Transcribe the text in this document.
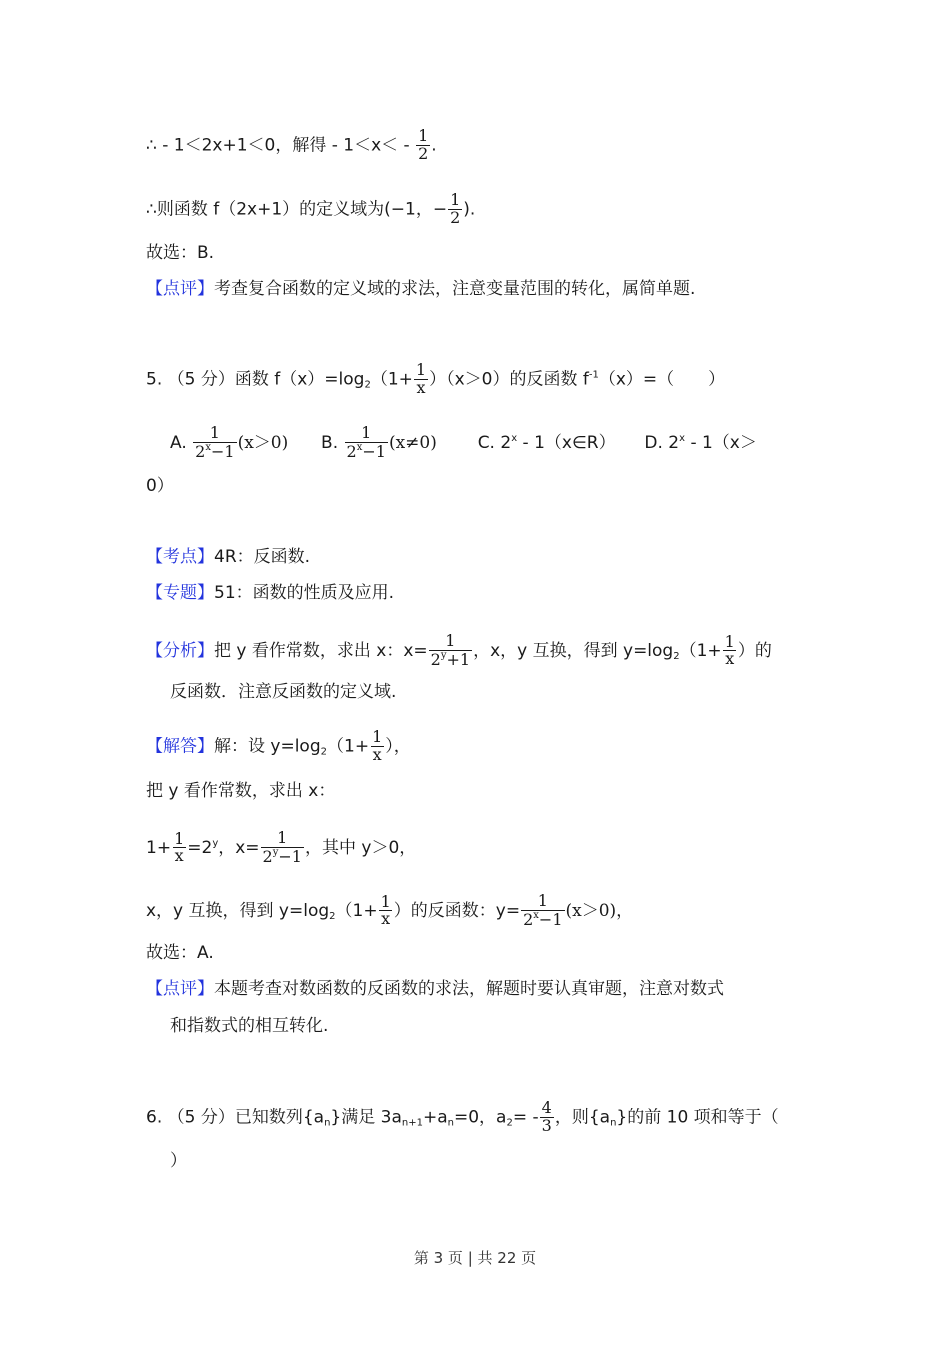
∴ - 1＜2x+1＜0，解得 - $1<x< - \frac{1}{2}$ .
∴则函数 f（2x+1）的定义域为(−1，− $\frac{1}{2}$ ).
故选：B.
【点评】考查复合函数的定义域的求法，注意变量范围的转化，属简单题.
5. （5 分）函数 $f(x)=\log_2(1+ \frac{1}{x} )(x>0)$的反函数 $f^{-1}(x)=$（　　）
A. $\frac{1}{2^x-1} (x>0)$ B. $\frac{1}{2^x-1} (x\ne 0)$ C. 2$^x$ - 1（x∈R） D. 2$^x$ - 1（x＞
0）
【考点】4R：反函数.
【专题】51：函数的性质及应用.
【分析】把 y 看作常数，求出 x：$x= \frac{1}{2^y+1}$ ，x，y 互换，得到 $y=\log_2(1+ \frac{1}{x}$ ）的
反函数．注意反函数的定义域.
【解答】解：设 $y=\log_2(1+ \frac{1}{x}$ ），
把 y 看作常数，求出 x：
$1+ \frac{1}{x} =2^y$，$x= \frac{1}{2^y-1}$ ，其中 y＞0，
x，y 互换，得到 $y=\log_2(1+ \frac{1}{x}$ ）的反函数：$y= \frac{1}{2^x-1} (x>0)$，
故选：A.
【点评】本题考查对数函数的反函数的求法，解题时要认真审题，注意对数式
和指数式的相互转化.
6. （5 分）已知数列$\{a_n\}$满足 $3a_{n+1}+a_n=0$，$a_2= - \frac{4}{3}$ ，则$\{a_n\}$的前 10 项和等于（
）
第 3 页 | 共 22 页
